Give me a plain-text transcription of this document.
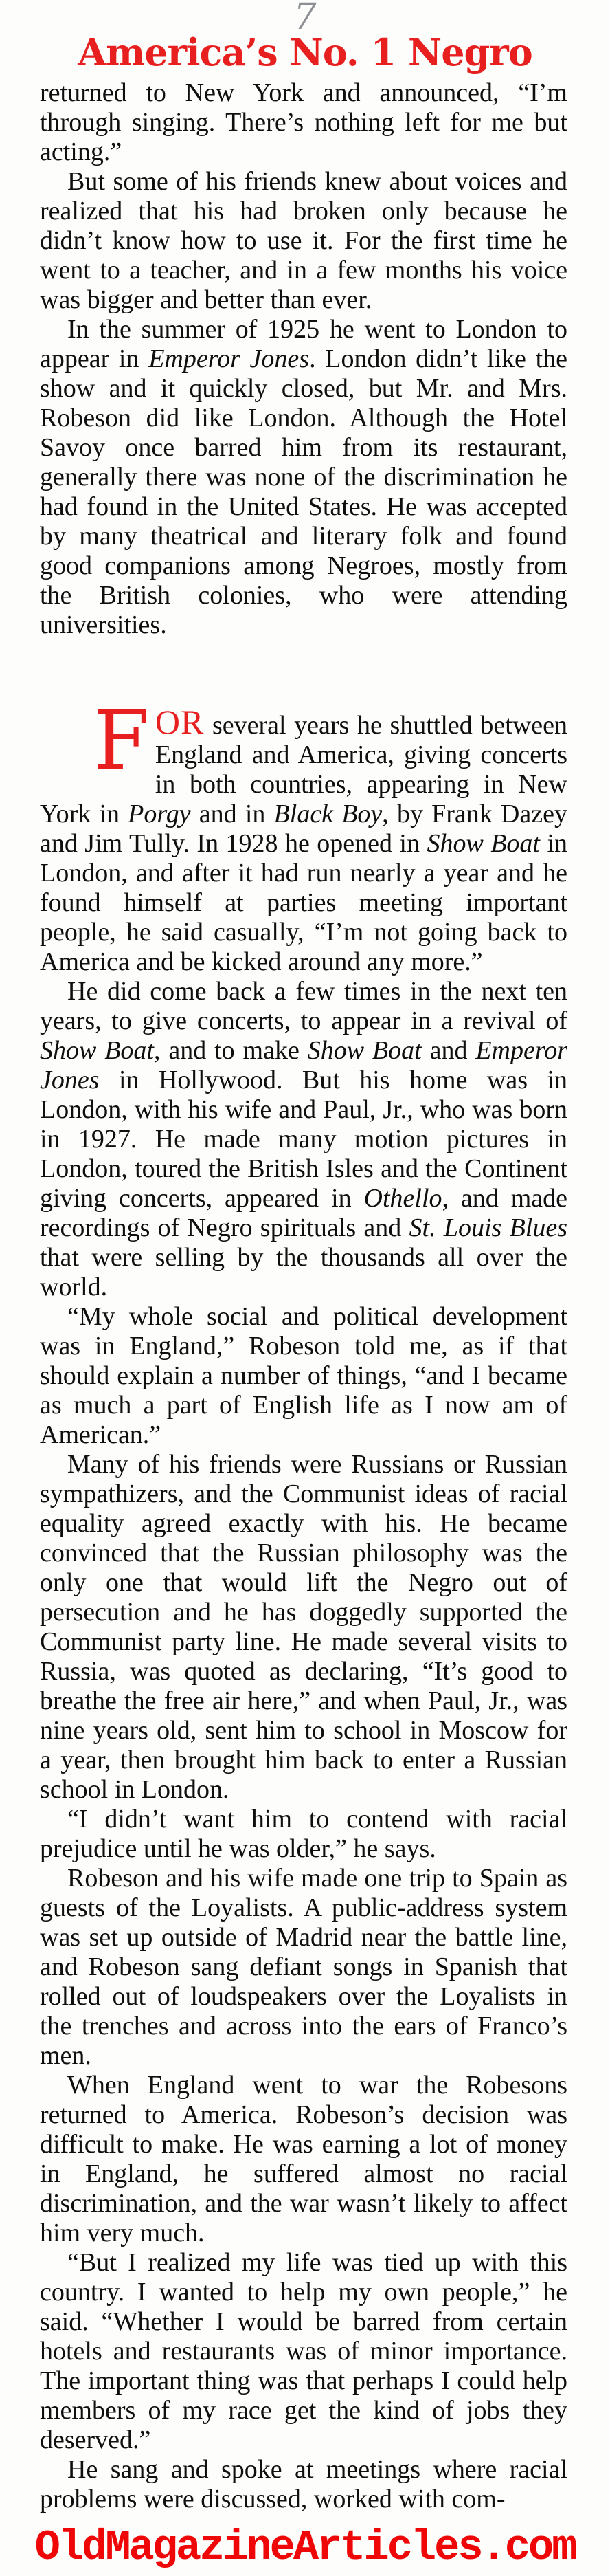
7
America’s No. 1 Negro

returned to New York and announced, “I’m through singing. There’s nothing left for me but acting.”

But some of his friends knew about voices and realized that his had broken only because he didn’t know how to use it. For the first time he went to a teacher, and in a few months his voice was bigger and better than ever.

In the summer of 1925 he went to London to appear in Emperor Jones. London didn’t like the show and it quickly closed, but Mr. and Mrs. Robeson did like London. Although the Hotel Savoy once barred him from its restaurant, generally there was none of the discrimination he had found in the United States. He was accepted by many theatrical and literary folk and found good companions among Negroes, mostly from the British colonies, who were attending universities.

FOR several years he shuttled between England and America, giving concerts in both countries, appearing in New York in Porgy and in Black Boy, by Frank Dazey and Jim Tully. In 1928 he opened in Show Boat in London, and after it had run nearly a year and he found himself at parties meeting important people, he said casually, “I’m not going back to America and be kicked around any more.”

He did come back a few times in the next ten years, to give concerts, to appear in a revival of Show Boat, and to make Show Boat and Emperor Jones in Hollywood. But his home was in London, with his wife and Paul, Jr., who was born in 1927. He made many motion pictures in London, toured the British Isles and the Continent giving concerts, appeared in Othello, and made recordings of Negro spirituals and St. Louis Blues that were selling by the thousands all over the world.

“My whole social and political development was in England,” Robeson told me, as if that should explain a number of things, “and I became as much a part of English life as I now am of American.”

Many of his friends were Russians or Russian sympathizers, and the Communist ideas of racial equality agreed exactly with his. He became convinced that the Russian philosophy was the only one that would lift the Negro out of persecution and he has doggedly supported the Communist party line. He made several visits to Russia, was quoted as declaring, “It’s good to breathe the free air here,” and when Paul, Jr., was nine years old, sent him to school in Moscow for a year, then brought him back to enter a Russian school in London.

“I didn’t want him to contend with racial prejudice until he was older,” he says.

Robeson and his wife made one trip to Spain as guests of the Loyalists. A public-address system was set up outside of Madrid near the battle line, and Robeson sang defiant songs in Spanish that rolled out of loudspeakers over the Loyalists in the trenches and across into the ears of Franco’s men.

When England went to war the Robesons returned to America. Robeson’s decision was difficult to make. He was earning a lot of money in England, he suffered almost no racial discrimination, and the war wasn’t likely to affect him very much.

“But I realized my life was tied up with this country. I wanted to help my own people,” he said. “Whether I would be barred from certain hotels and restaurants was of minor importance. The important thing was that perhaps I could help members of my race get the kind of jobs they deserved.”

He sang and spoke at meetings where racial problems were discussed, worked with com-

OldMagazineArticles.com
